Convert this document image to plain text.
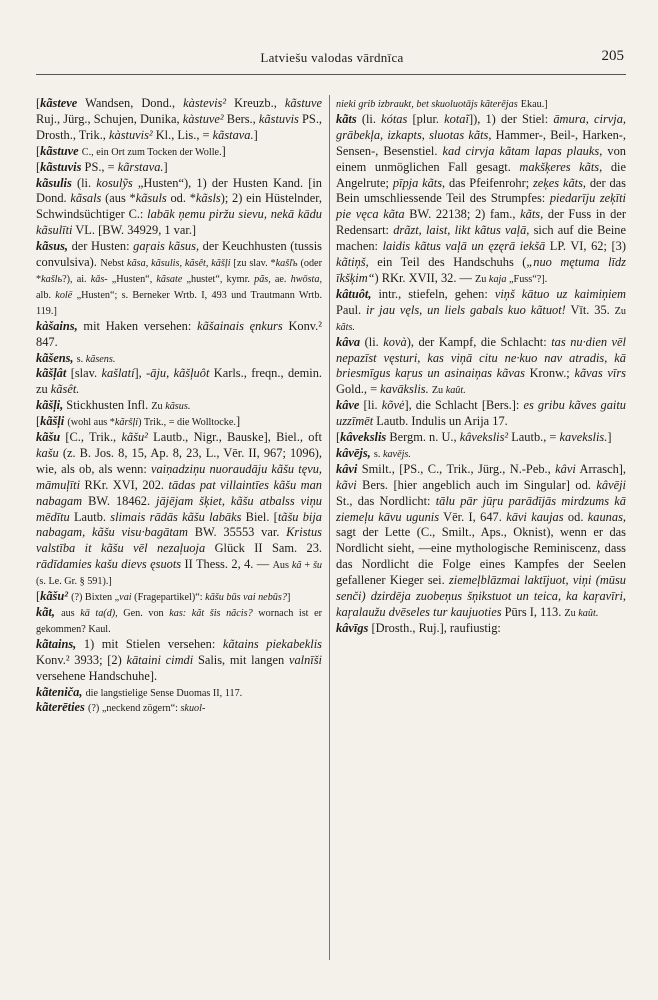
Latviešu valodas vārdnīca	205

[kãsteve Wandsen, Dond., kàstevis² Kreuzb., kãstuve Ruj., Jürg., Schujen, Dunika, kàstuve² Bers., kãstuvis PS., Drosth., Trik., kàstuvis² Kl., Lis., = kãstava.]

[kãstuve C., ein Ort zum Tocken der Wolle.]

[kãstuvis PS., = kãrstava.]

kãsulis (li. kosulỹs „Husten“), 1) der Husten Kand. [in Dond. kãsals (aus *kãsuls od. *kãsls); 2) ein Hüstelnder, Schwindsüchtiger C.: labāk ņemu piržu sievu, nekā kādu kãsulīti VL. [BW. 34929, 1 var.]

kãsus, der Husten: gaŗais kãsus, der Keuchhusten (tussis convulsiva). Nebst kãsa, kãsulis, kãsêt, kãšļi [zu slav. *kašľь (oder *kašlь?), ai. kās- „Husten“, kãsate „hustet“, kymr. pãs, ae. hwōsta, alb. kolë „Husten“; s. Berneker Wrtb. I, 493 und Trautmann Wrtb. 119.]

kàšains, mit Haken versehen: kãšainais ęnkurs Konv.² 847.

kãšens, s. kãsens.

kãšļât [slav. kašlatí], -āju, kãšļuôt Karls., freqn., demin. zu kãsêt.

kãšļi, Stickhusten Infl. Zu kãsus.

[kãšļi (wohl aus *kãršļi) Trik., = die Wolltocke.]

kãšu [C., Trik., kãšu² Lautb., Nigr., Bauske], Biel., oft kašu (z. B. Jos. 8, 15, Ap. 8, 23, L., Vēr. II, 967; 1096), wie, als ob, als wenn: vaiṇadziņu nuoraudāju kãšu tęvu, māmuļīti RKr. XVI, 202. tādas pat villaintīes kãšu man nabagam BW. 18462. jājējam šķiet, kãšu atbalss viņu mēdītu Lautb. slimais rādās kãšu labāks Biel. [tãšu bija nabagam, kãšu visu·bagātam BW. 35553 var. Kristus valstība it kãšu vēl nezaļuoja Glück II Sam. 23. rādīdamies kašu dievs ęsuots II Thess. 2, 4. — Aus kã + šu (s. Le. Gr. § 591).]

[kãšu² (?) Bixten „vai (Fragepartikel)“: kãšu būs vai nebūs?]

kãt, aus kā ta(d), Gen. von kas: kãt šis nãcis? wornach ist er gekommen? Kaul.

kãtains, 1) mit Stielen versehen: kãtains piekabeklis Konv.² 3933; [2) kātaini cimdi Salis, mit langen valnīši versehene Handschuhe].

kãteniča, die langstielige Sense Duomas II, 117.

kãterēties (?) „neckend zögern“: skuol-

nieki grib izbraukt, bet skuoluotājs kãterējas Ekau.]

kãts (li. kótas [plur. kotaĩ]), 1) der Stiel: āmura, cirvja, grābekļa, izkapts, sluotas kãts, Hammer-, Beil-, Harken-, Sensen-, Besenstiel. kad cirvja kãtam lapas plauks, von einem unmöglichen Fall gesagt. makšķeres kãts, die Angelrute; pīpja kãts, das Pfeifenrohr; zeķes kãts, der das Bein umschliessende Teil des Strumpfes: piedarīju zeķīti pie vęca kãta BW. 22138; 2) fam., kãts, der Fuss in der Redensart: drãzt, laist, likt kãtus vaļā, sich auf die Beine machen: laidis kãtus vaļā un ęzęrā iekšā LP. VI, 62; [3) kãtiņš, ein Teil des Handschuhs („nuo mętuma līdz īkšķim“) RKr. XVII, 32. — Zu kaja „Fuss“?].

kâtuôt, intr., stiefeln, gehen: viņš kātuo uz kaimiņiem Paul. ir jau vęls, un liels gabals kuo kãtuot! Vīt. 35. Zu kãts.

kâva (li. kovà), der Kampf, die Schlacht: tas nu·dien vēl nepazīst vęsturi, kas viņā citu ne·kuo nav atradis, kā briesmīgus kaŗus un asinaiņas kãvas Kronw.; kãvas vīrs Gold., = kavākslis. Zu kaût.

kâve [li. kõvė], die Schlacht [Bers.]: es gribu kãves gaitu uzzīmēt Lautb. Indulis un Arija 17.

[kâvekslis Bergm. n. U., kâvekslis² Lautb., = kavekslis.]

kâvējs, s. kavējs.

kâvi Smilt., [PS., C., Trik., Jürg., N.-Peb., kâvi Arrasch], kãvi Bers. [hier angeblich auch im Singular] od. kâvēji St., das Nordlicht: tālu pār jūŗu parādījās mirdzums kā ziemeļu kāvu ugunis Vēr. I, 647. kāvi kaujas od. kaunas, sagt der Lette (C., Smilt., Aps., Oknist), wenn er das Nordlicht sieht, —eine mythologische Reminiscenz, dass das Nordlicht die Folge eines Kampfes der Seelen gefallener Kieger sei. ziemeļblāzmai laktījuot, viņi (mūsu senči) dzirdēja zuobeņus šņikstuot un teica, ka kaŗavīri, kaŗalaužu dvēseles tur kaujuoties Pūrs I, 113. Zu kaût.

kâvīgs [Drosth., Ruj.], raufiustig:
